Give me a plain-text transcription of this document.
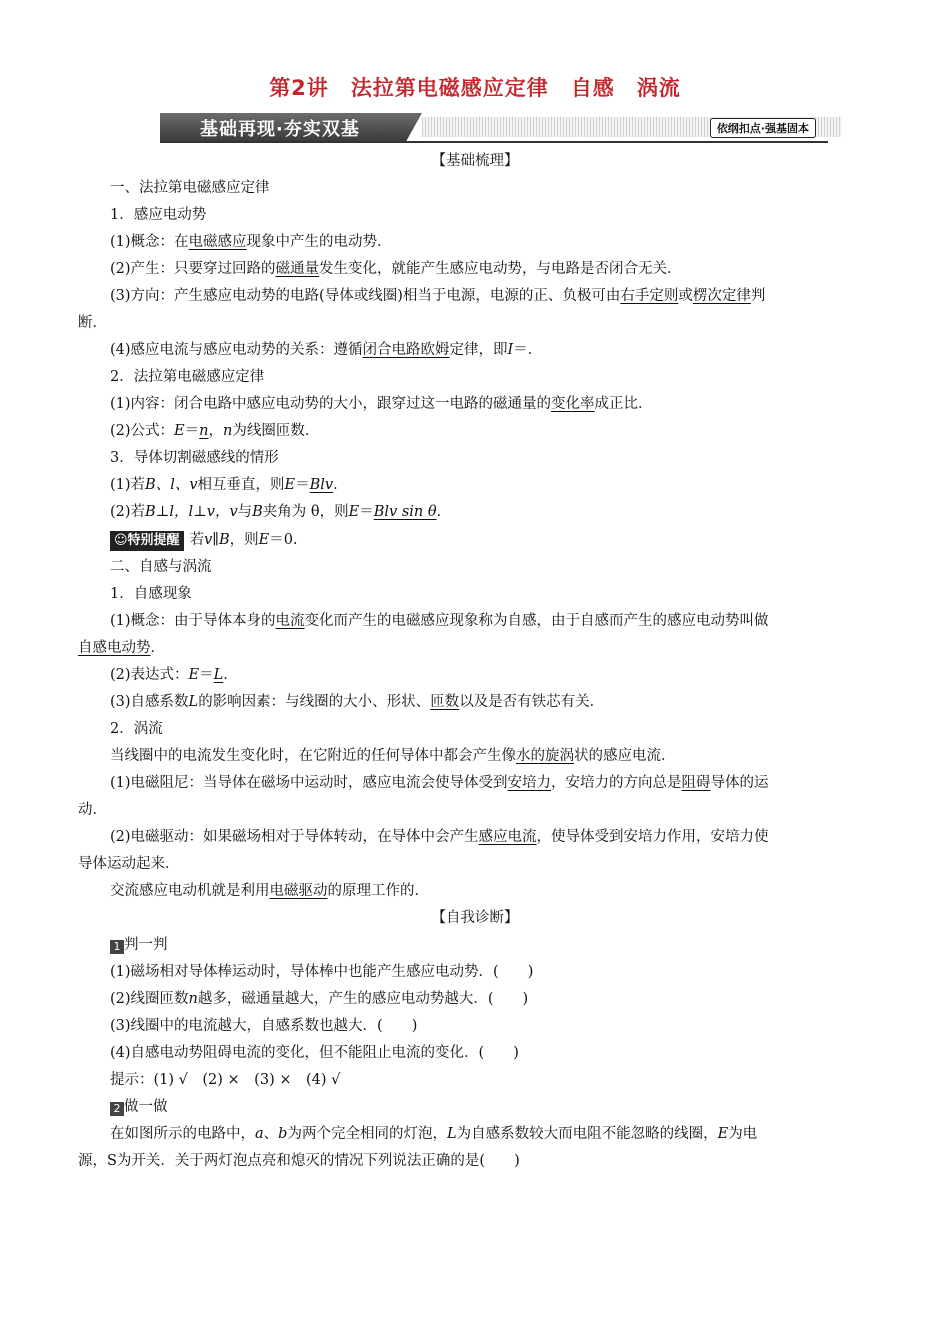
第2讲 法拉第电磁感应定律 自感 涡流
基础再现·夯实双基	依纲扣点·强基固本
【基础梳理】
一、法拉第电磁感应定律
1．感应电动势
(1)概念：在电磁感应现象中产生的电动势．
(2)产生：只要穿过回路的磁通量发生变化，就能产生感应电动势，与电路是否闭合无关．
(3)方向：产生感应电动势的电路(导体或线圈)相当于电源，电源的正、负极可由右手定则或楞次定律判
断．
(4)感应电流与感应电动势的关系：遵循闭合电路欧姆定律，即I＝．
2．法拉第电磁感应定律
(1)内容：闭合电路中感应电动势的大小，跟穿过这一电路的磁通量的变化率成正比．
(2)公式：E＝n，n为线圈匝数．
3．导体切割磁感线的情形
(1)若B、l、v相互垂直，则E＝Blv．
(2)若B⊥l，l⊥v，v与B夹角为 θ，则E＝Blv sin θ．
☺特别提醒 若v∥B，则E＝0.
二、自感与涡流
1．自感现象
(1)概念：由于导体本身的电流变化而产生的电磁感应现象称为自感，由于自感而产生的感应电动势叫做
自感电动势．
(2)表达式：E＝L．
(3)自感系数L的影响因素：与线圈的大小、形状、匝数以及是否有铁芯有关．
2．涡流
当线圈中的电流发生变化时，在它附近的任何导体中都会产生像水的旋涡状的感应电流．
(1)电磁阻尼：当导体在磁场中运动时，感应电流会使导体受到安培力，安培力的方向总是阻碍导体的运
动．
(2)电磁驱动：如果磁场相对于导体转动，在导体中会产生感应电流，使导体受到安培力作用，安培力使
导体运动起来．
交流感应电动机就是利用电磁驱动的原理工作的．
【自我诊断】
1 判一判
(1)磁场相对导体棒运动时，导体棒中也能产生感应电动势．(　　)
(2)线圈匝数n越多，磁通量越大，产生的感应电动势越大．(　　)
(3)线圈中的电流越大，自感系数也越大．(　　)
(4)自感电动势阻碍电流的变化，但不能阻止电流的变化．(　　)
提示：(1) √　(2) ×　(3) ×　(4) √
2 做一做
在如图所示的电路中，a、b为两个完全相同的灯泡，L为自感系数较大而电阻不能忽略的线圈，E为电
源，S为开关．关于两灯泡点亮和熄灭的情况下列说法正确的是(　　)
